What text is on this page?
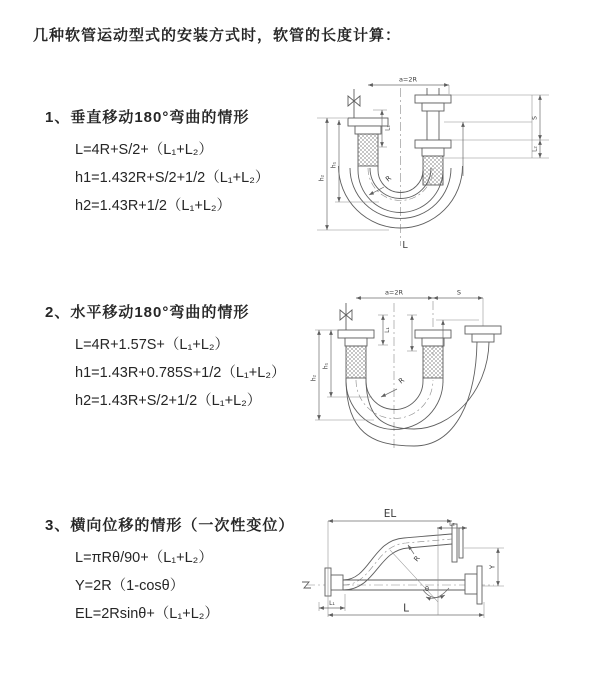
几种软管运动型式的安装方式时，软管的长度计算：
1、垂直移动180°弯曲的情形
L=4R+S/2+（L₁+L₂）
h1=1.432R+S/2+1/2（L₁+L₂）
h2=1.43R+1/2（L₁+L₂）
2、水平移动180°弯曲的情形
L=4R+1.57S+（L₁+L₂）
h1=1.43R+0.785S+1/2（L₁+L₂）
h2=1.43R+S/2+1/2（L₁+L₂）
3、横向位移的情形（一次性变位）
L=πRθ/90+（L₁+L₂）
Y=2R（1-cosθ）
EL=2Rsinθ+（L₁+L₂）
a=2R
h₂
h₁
L₁
S
L₂
R
L
a=2R	S
h₂
h₁
L₁
R
EL
L₂
Y
L
L₁
θ
R
